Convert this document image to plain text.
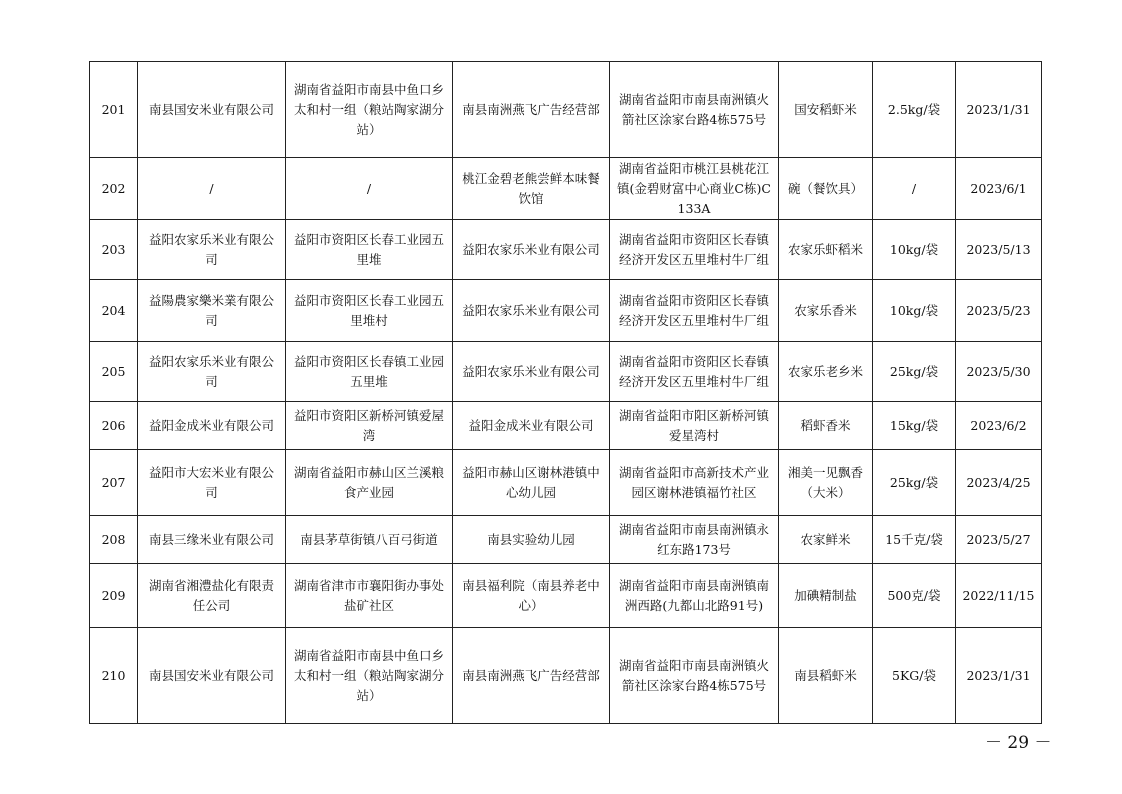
201	南县国安米业有限公司	湖南省益阳市南县中鱼口乡太和村一组（粮站陶家湖分站）	南县南洲燕飞广告经营部	湖南省益阳市南县南洲镇火箭社区涂家台路4栋575号	国安稻虾米	2.5kg/袋	2023/1/31
202	/	/	桃江金碧老熊尝鲜本味餐饮馆	湖南省益阳市桃江县桃花江镇(金碧财富中心商业C栋)C133A	碗（餐饮具）	/	2023/6/1
203	益阳农家乐米业有限公司	益阳市资阳区长春工业园五里堆	益阳农家乐米业有限公司	湖南省益阳市资阳区长春镇经济开发区五里堆村牛厂组	农家乐虾稻米	10kg/袋	2023/5/13
204	益陽農家樂米業有限公司	益阳市资阳区长春工业园五里堆村	益阳农家乐米业有限公司	湖南省益阳市资阳区长春镇经济开发区五里堆村牛厂组	农家乐香米	10kg/袋	2023/5/23
205	益阳农家乐米业有限公司	益阳市资阳区长春镇工业园五里堆	益阳农家乐米业有限公司	湖南省益阳市资阳区长春镇经济开发区五里堆村牛厂组	农家乐老乡米	25kg/袋	2023/5/30
206	益阳金成米业有限公司	益阳市资阳区新桥河镇爱屋湾	益阳金成米业有限公司	湖南省益阳市阳区新桥河镇爱星湾村	稻虾香米	15kg/袋	2023/6/2
207	益阳市大宏米业有限公司	湖南省益阳市赫山区兰溪粮食产业园	益阳市赫山区谢林港镇中心幼儿园	湖南省益阳市高新技术产业园区谢林港镇福竹社区	湘美一见飘香（大米）	25kg/袋	2023/4/25
208	南县三缘米业有限公司	南县茅草街镇八百弓街道	南县实验幼儿园	湖南省益阳市南县南洲镇永红东路173号	农家鲜米	15千克/袋	2023/5/27
209	湖南省湘澧盐化有限责任公司	湖南省津市市襄阳街办事处盐矿社区	南县福利院（南县养老中心）	湖南省益阳市南县南洲镇南洲西路(九都山北路91号)	加碘精制盐	500克/袋	2022/11/15
210	南县国安米业有限公司	湖南省益阳市南县中鱼口乡太和村一组（粮站陶家湖分站）	南县南洲燕飞广告经营部	湖南省益阳市南县南洲镇火箭社区涂家台路4栋575号	南县稻虾米	5KG/袋	2023/1/31
－ 29 －
